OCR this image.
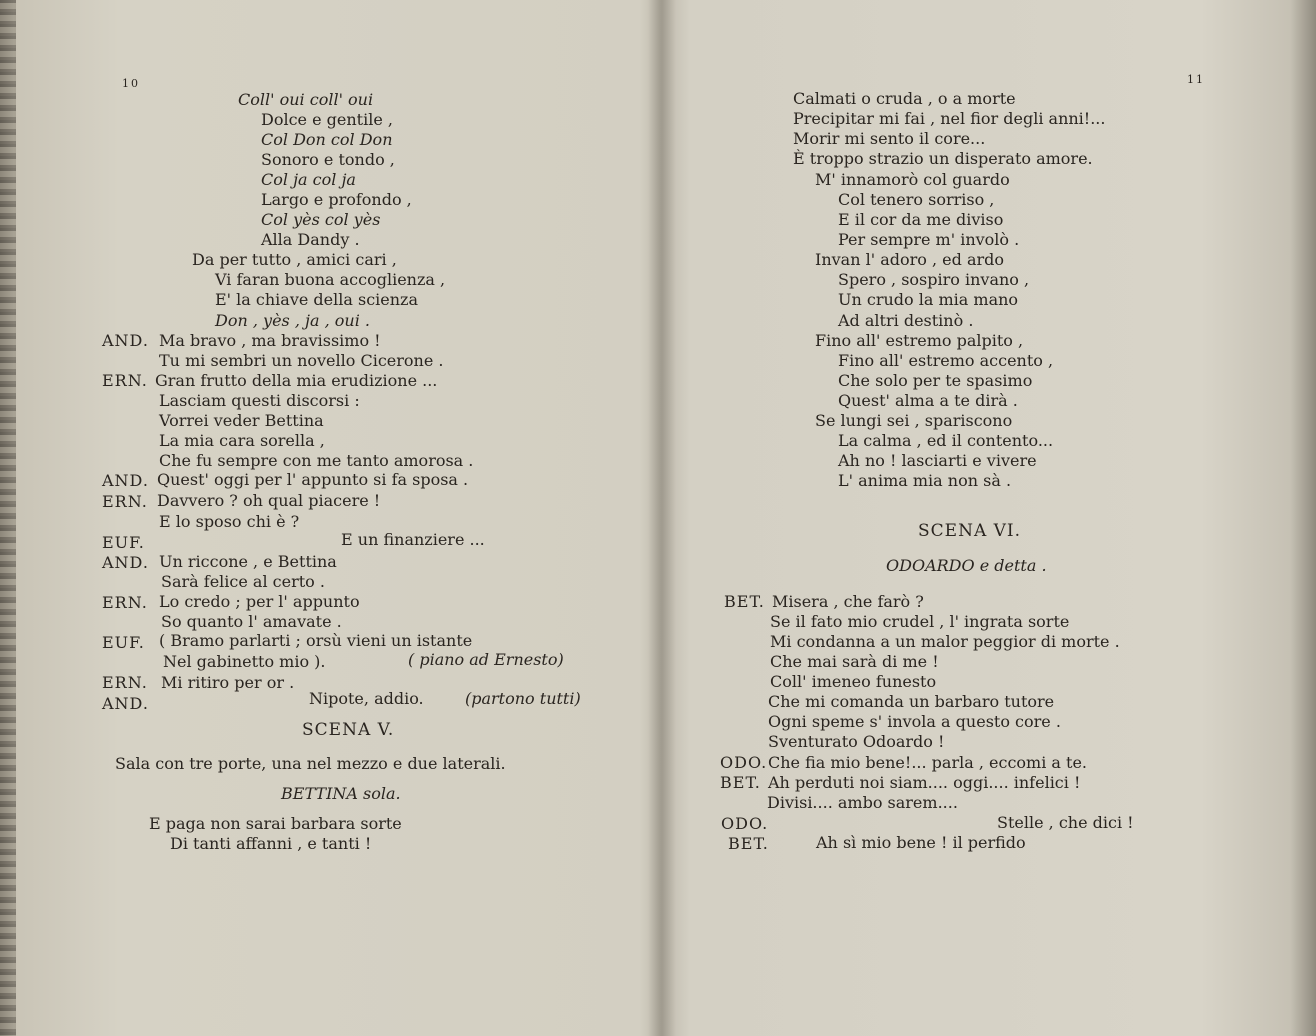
10
Coll' oui coll' oui
Dolce e gentile ,
Col Don col Don
Sonoro e tondo ,
Col ja col ja
Largo e profondo ,
Col yès col yès
Alla Dandy .
Da per tutto , amici cari ,
Vi faran buona accoglienza ,
E' la chiave della scienza
Don , yès , ja , oui .
AND. Ma bravo , ma bravissimo !
Tu mi sembri un novello Cicerone .
ERN. Gran frutto della mia erudizione ...
Lasciam questi discorsi :
Vorrei veder Bettina
La mia cara sorella ,
Che fu sempre con me tanto amorosa .
AND. Quest' oggi per l' appunto si fa sposa .
ERN. Davvero ? oh qual piacere !
E lo sposo chi è ?
EUF.	E un finanziere ...
AND. Un riccone , e Bettina
Sarà felice al certo .
ERN. Lo credo ; per l' appunto
So quanto l' amavate .
EUF. ( Bramo parlarti ; orsù vieni un istante
Nel gabinetto mio ).	( piano ad Ernesto)
ERN. Mi ritiro per or .
AND.	Nipote, addio.	(partono tutti)
SCENA V.
Sala con tre porte, una nel mezzo e due laterali.
BETTINA sola.
E paga non sarai barbara sorte
Di tanti affanni , e tanti !
11
Calmati o cruda , o a morte
Precipitar mi fai , nel fior degli anni!...
Morir mi sento il core...
È troppo strazio un disperato amore.
M' innamorò col guardo
Col tenero sorriso ,
E il cor da me diviso
Per sempre m' involò .
Invan l' adoro , ed ardo
Spero , sospiro invano ,
Un crudo la mia mano
Ad altri destinò .
Fino all' estremo palpito ,
Fino all' estremo accento ,
Che solo per te spasimo
Quest' alma a te dirà .
Se lungi sei , spariscono
La calma , ed il contento...
Ah no ! lasciarti e vivere
L' anima mia non sà .
SCENA VI.
ODOARDO e detta .
BET. Misera , che farò ?
Se il fato mio crudel , l' ingrata sorte
Mi condanna a un malor peggior di morte .
Che mai sarà di me !
Coll' imeneo funesto
Che mi comanda un barbaro tutore
Ogni speme s' invola a questo core .
Sventurato Odoardo !
ODO. Che fia mio bene!... parla , eccomi a te.
BET. Ah perduti noi siam.... oggi.... infelici !
Divisi.... ambo sarem....
ODO.	Stelle , che dici !
BET.	Ah sì mio bene ! il perfido
